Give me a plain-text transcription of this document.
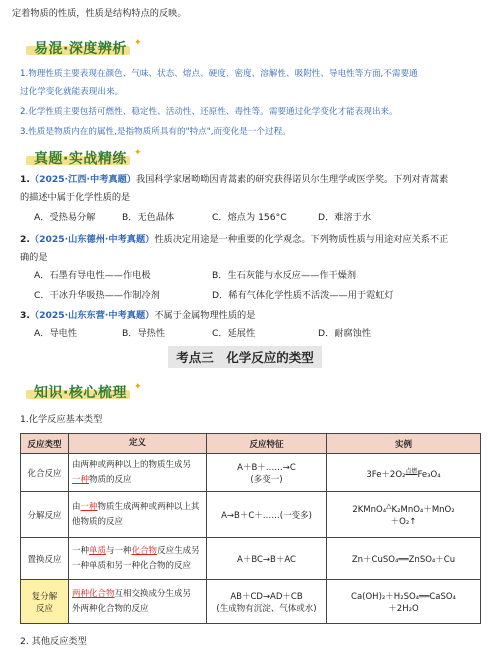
定着物质的性质，性质是结构特点的反映。
易混·深度辨析 ✦
1.物理性质主要表现在颜色、气味、状态、熔点、硬度、密度、溶解性、吸附性、导电性等方面,不需要通
过化学变化就能表现出来。
2.化学性质主要包括可燃性、稳定性、活动性、还原性、毒性等。需要通过化学变化才能表现出来。
3.性质是物质内在的属性,是指物质所具有的"特点",而变化是一个过程。
真题·实战精练 ✦
1.（2025·江西·中考真题）我国科学家屠呦呦因青蒿素的研究获得诺贝尔生理学或医学奖。下列对青蒿素
的描述中属于化学性质的是
A．受热易分解	B．无色晶体	C．熔点为 156°C	D．难溶于水
2.（2025·山东德州·中考真题）性质决定用途是一种重要的化学观念。下列物质性质与用途对应关系不正
确的是
A．石墨有导电性——作电极	B．生石灰能与水反应——作干燥剂
C．干冰升华吸热——作制冷剂	D．稀有气体化学性质不活泼——用于霓虹灯
3.（2025·山东东营·中考真题）不属于金属物理性质的是
A．导电性	B．导热性	C．延展性	D．耐腐蚀性
考点三　化学反应的类型
知识·核心梳理 ✦
1.化学反应基本类型
反应类型	定义	反应特征	实例
化合反应	由两种或两种以上的物质生成另
一种物质的反应	A＋B＋……→C
(多变一)	3Fe＋2O₂$^{点燃}$Fe₃O₄
分解反应	由一种物质生成两种或两种以上其
他物质的反应	A→B＋C＋……(一变多)	2KMnO₄△K₂MnO₄＋MnO₂
＋O₂↑
置换反应	一种单质与一种化合物反应生成另
一种单质和另一种化合物的反应	A＋BC→B＋AC	Zn＋CuSO₄══ZnSO₄＋Cu
复分解
反应	两种化合物互相交换成分生成另
外两种化合物的反应	AB＋CD→AD＋CB
(生成物有沉淀、气体或水)	Ca(OH)₂＋H₂SO₄══CaSO₄
＋2H₂O
2. 其他反应类型
